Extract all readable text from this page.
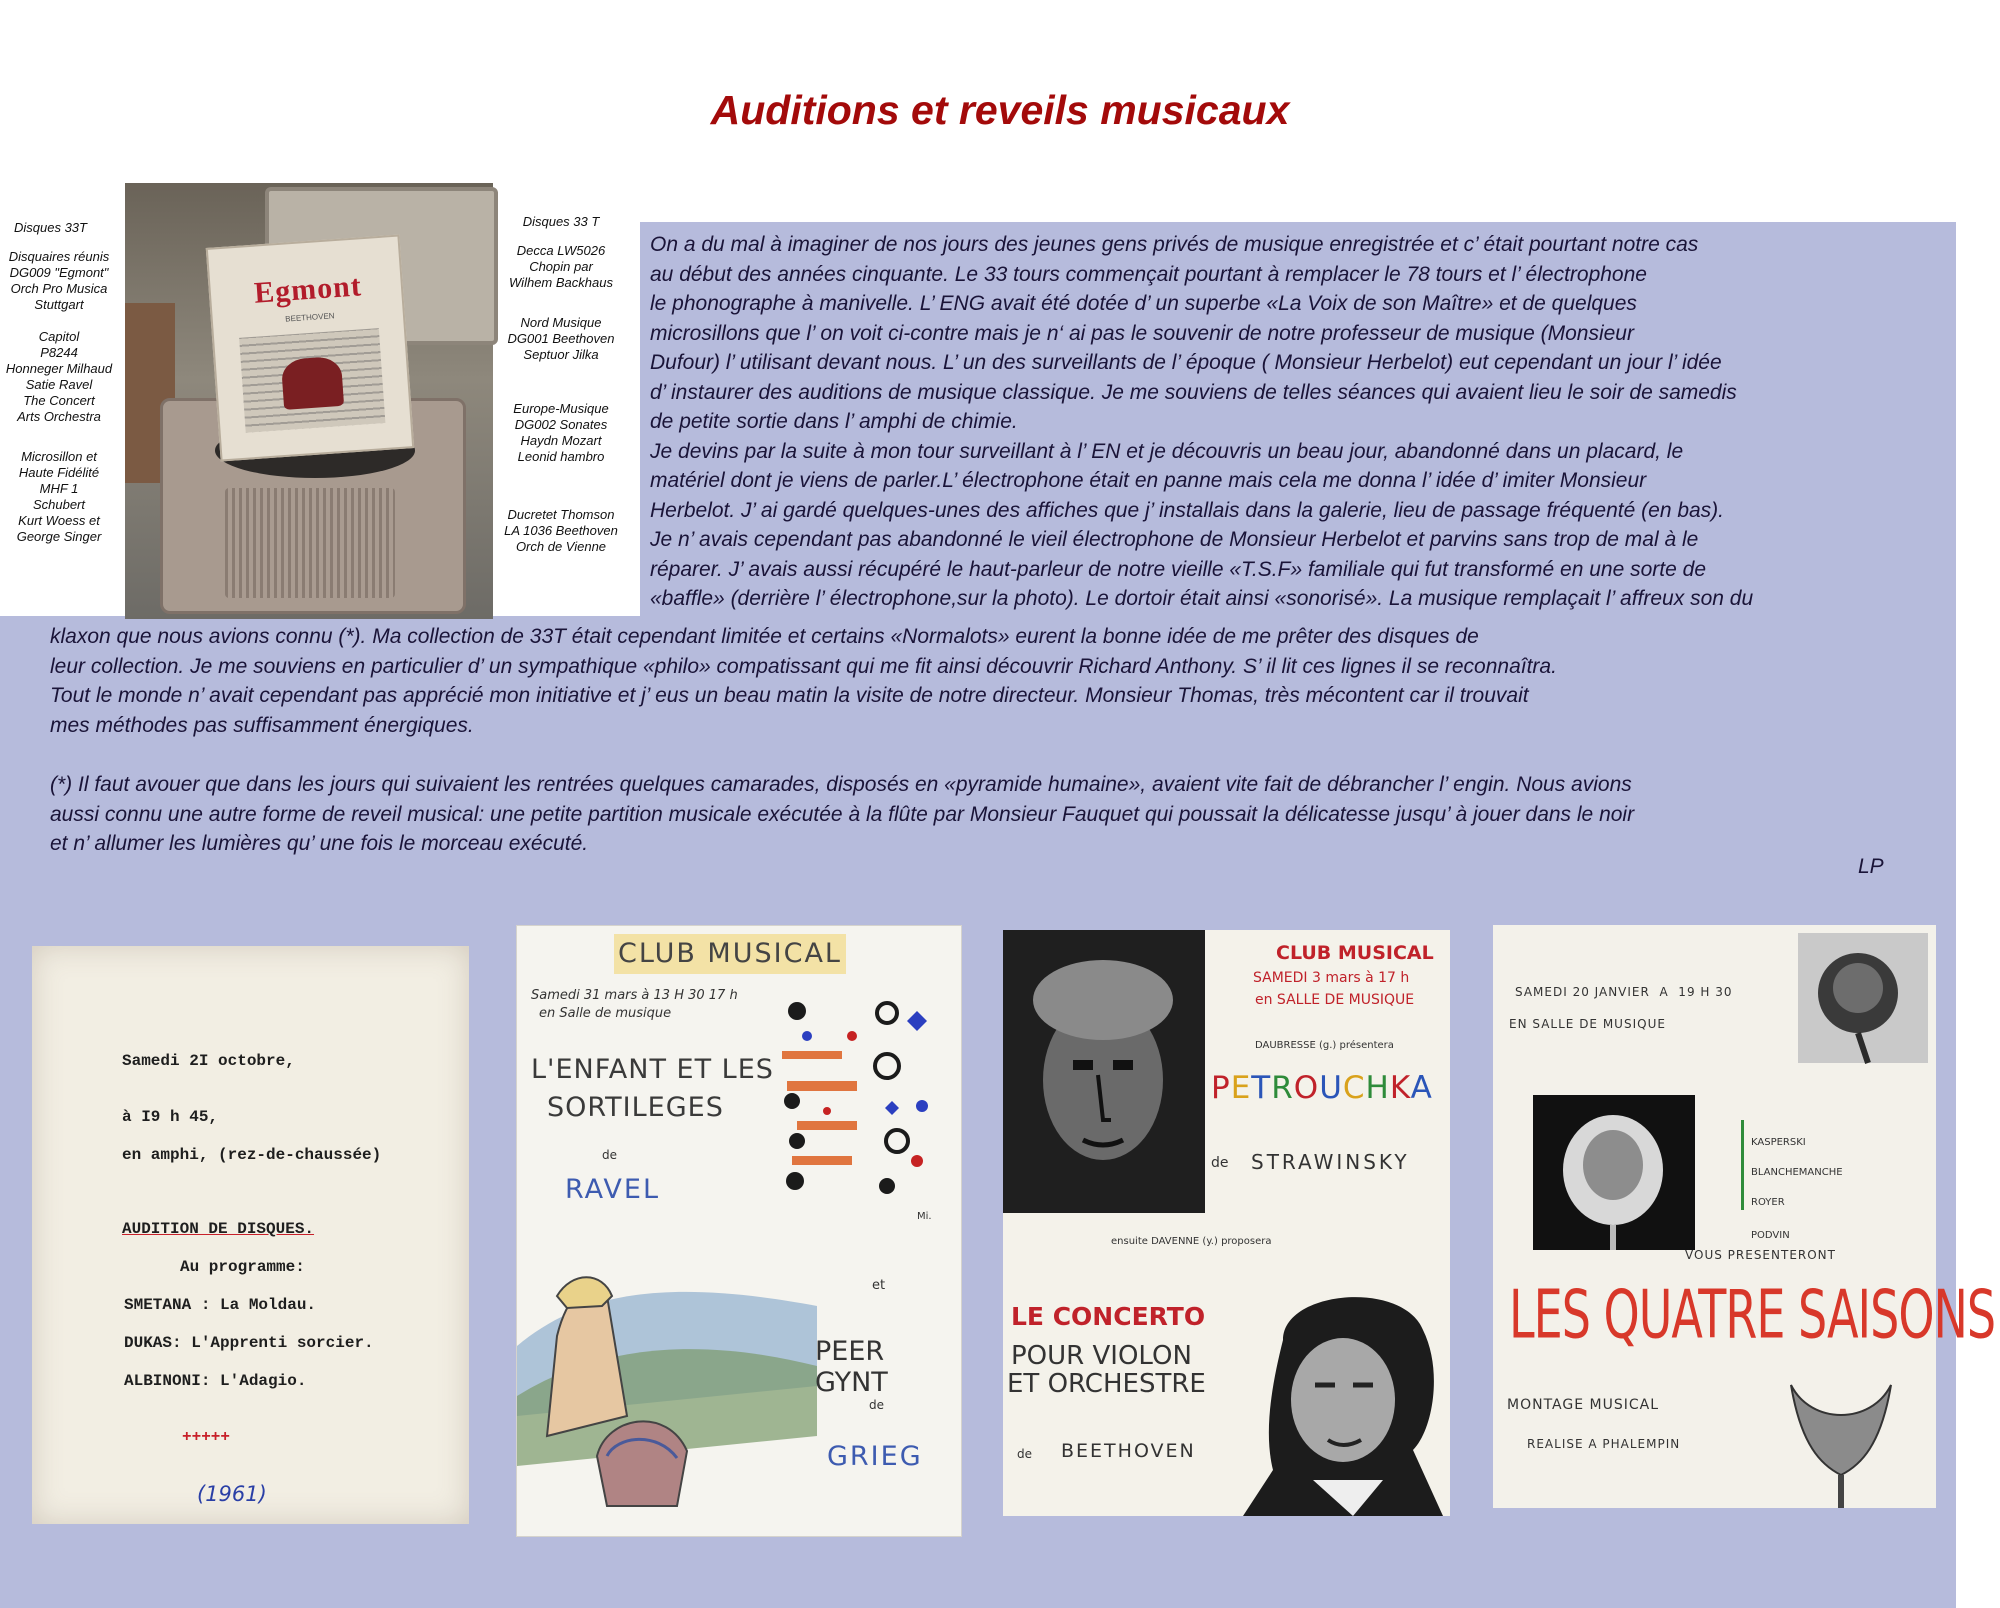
Auditions et reveils musicaux

Disques 33T

Disquaires réunis

DG009 "Egmont"

Orch Pro Musica

Stuttgart

Capitol

P8244

Honneger Milhaud

Satie Ravel

The Concert

Arts Orchestra

Microsillon et

Haute Fidélité

MHF 1

Schubert

Kurt Woess et

George Singer

Egmont
BEETHOVEN

Disques 33 T

Decca LW5026

Chopin par

Wilhem Backhaus

Nord Musique

DG001 Beethoven

Septuor Jilka

Europe-Musique

DG002 Sonates

Haydn Mozart

Leonid hambro

Ducretet Thomson

LA 1036 Beethoven

Orch de Vienne

On a du mal à imaginer de nos jours des jeunes gens privés de musique enregistrée et c’ était pourtant notre cas

au début des années cinquante. Le 33 tours commençait pourtant à remplacer le 78 tours et l’ électrophone

le phonographe à manivelle. L’ ENG avait été dotée d’ un superbe «La Voix de son Maître» et de quelques

microsillons que l’ on voit ci-contre mais je n‘ ai pas le souvenir de notre professeur de musique (Monsieur

Dufour) l’ utilisant devant nous. L’ un des surveillants de l’ époque ( Monsieur Herbelot) eut cependant un jour l’ idée

d’ instaurer des auditions de musique classique. Je me souviens de telles séances qui avaient lieu le soir de samedis

de petite sortie dans l’ amphi de chimie.

Je devins par la suite à mon tour surveillant à l’ EN et je découvris un beau jour, abandonné dans un placard, le

matériel dont je viens de parler.L’ électrophone était en panne mais cela me donna l’ idée d’ imiter Monsieur

Herbelot. J’ ai gardé quelques-unes des affiches que j’ installais dans la galerie, lieu de passage fréquenté (en bas).

Je n’ avais cependant pas abandonné le vieil électrophone de Monsieur Herbelot et parvins sans trop de mal à le

réparer. J’ avais aussi récupéré le haut-parleur de notre vieille «T.S.F» familiale qui fut transformé en une sorte de

«baffle» (derrière l’ électrophone,sur la photo). Le dortoir était ainsi «sonorisé». La musique remplaçait l’ affreux son du

klaxon que nous avions connu (*). Ma collection de 33T était cependant limitée et certains «Normalots» eurent la bonne idée de me prêter des disques de

leur collection. Je me souviens en particulier d’ un sympathique «philo» compatissant qui me fit ainsi découvrir Richard Anthony. S’ il lit ces lignes il se reconnaîtra.

Tout le monde n’ avait cependant pas apprécié mon initiative et j’ eus un beau matin la visite de notre directeur. Monsieur Thomas, très mécontent car il trouvait

mes méthodes pas suffisamment énergiques.

(*) Il faut avouer que dans les jours qui suivaient les rentrées quelques camarades, disposés en «pyramide humaine», avaient vite fait de débrancher l’ engin. Nous avions

aussi connu une autre forme de reveil musical: une petite partition musicale exécutée à la flûte par Monsieur Fauquet qui poussait la délicatesse jusqu’ à jouer dans le noir

et n’ allumer les lumières qu’ une fois le morceau exécuté.

LP
Samedi 2I octobre,
à I9 h 45,
en amphi, (rez-de-chaussée)
AUDITION DE DISQUES.
Au programme:
SMETANA : La Moldau.
DUKAS: L'Apprenti sorcier.
ALBINONI: L'Adagio.
+++++
(1961)
CLUB MUSICAL
Samedi 31 mars à 13 H 30 17 h
en Salle de musique
L'ENFANT ET LES
SORTILEGES
de
RAVEL
Mi.
et
PEER GYNT
de
GRIEG
CLUB MUSICAL
SAMEDI 3 mars à 17 h
en SALLE DE MUSIQUE
DAUBRESSE (g.) présentera
PETROUCHKA
de STRAWINSKY
ensuite DAVENNE (y.) proposera
LE CONCERTO
POUR VIOLON
ET ORCHESTRE
de BEETHOVEN
SAMEDI 20 JANVIER  A  19 H 30
EN SALLE DE MUSIQUE
KASPERSKI
BLANCHEMANCHE
ROYER
PODVIN
VOUS PRESENTERONT
LES QUATRE SAISONS
MONTAGE MUSICAL
REALISE A PHALEMPIN
